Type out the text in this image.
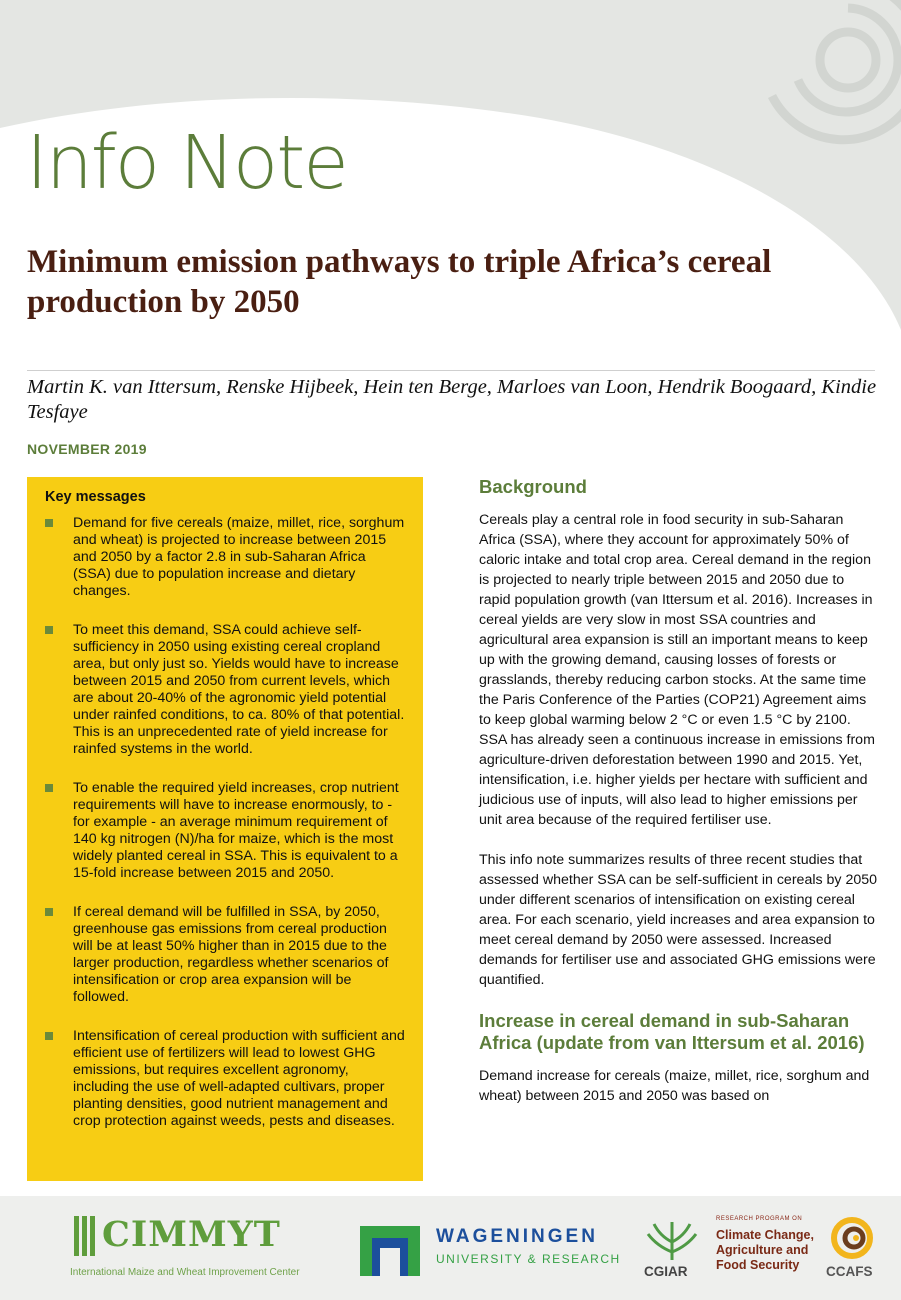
Info Note
Minimum emission pathways to triple Africa’s cereal production by 2050

Martin K. van Ittersum, Renske Hijbeek, Hein ten Berge, Marloes van Loon, Hendrik Boogaard, Kindie Tesfaye

NOVEMBER 2019

Key messages

Demand for five cereals (maize, millet, rice, sorghum and wheat) is projected to increase between 2015 and 2050 by a factor 2.8 in sub-Saharan Africa (SSA) due to population increase and dietary changes.
To meet this demand, SSA could achieve self-sufficiency in 2050 using existing cereal cropland area, but only just so. Yields would have to increase between 2015 and 2050 from current levels, which are about 20-40% of the agronomic yield potential under rainfed conditions, to ca. 80% of that potential. This is an unprecedented rate of yield increase for rainfed systems in the world.
To enable the required yield increases, crop nutrient requirements will have to increase enormously, to - for example - an average minimum requirement of 140 kg nitrogen (N)/ha for maize, which is the most widely planted cereal in SSA. This is equivalent to a 15-fold increase between 2015 and 2050.
If cereal demand will be fulfilled in SSA, by 2050, greenhouse gas emissions from cereal production will be at least 50% higher than in 2015 due to the larger production, regardless whether scenarios of intensification or crop area expansion will be followed.
Intensification of cereal production with sufficient and efficient use of fertilizers will lead to lowest GHG emissions, but requires excellent agronomy, including the use of well-adapted cultivars, proper planting densities, good nutrient management and crop protection against weeds, pests and diseases.
Background

Cereals play a central role in food security in sub-Saharan Africa (SSA), where they account for approximately 50% of caloric intake and total crop area. Cereal demand in the region is projected to nearly triple between 2015 and 2050 due to rapid population growth (van Ittersum et al. 2016). Increases in cereal yields are very slow in most SSA countries and agricultural area expansion is still an important means to keep up with the growing demand, causing losses of forests or grasslands, thereby reducing carbon stocks. At the same time the Paris Conference of the Parties (COP21) Agreement aims to keep global warming below 2 °C or even 1.5 °C by 2100. SSA has already seen a continuous increase in emissions from agriculture-driven deforestation between 1990 and 2015. Yet, intensification, i.e. higher yields per hectare with sufficient and judicious use of inputs, will also lead to higher emissions per unit area because of the required fertiliser use.

This info note summarizes results of three recent studies that assessed whether SSA can be self-sufficient in cereals by 2050 under different scenarios of intensification on existing cereal area. For each scenario, yield increases and area expansion to meet cereal demand by 2050 were assessed. Increased demands for fertiliser use and associated GHG emissions were quantified.

Increase in cereal demand in sub-Saharan Africa (update from van Ittersum et al. 2016)

Demand increase for cereals (maize, millet, rice, sorghum and wheat) between 2015 and 2050 was based on

CIMMYT
International Maize and Wheat Improvement Center
WAGENINGEN
UNIVERSITY & RESEARCH
CGIAR
RESEARCH PROGRAM ON
Climate Change,
Agriculture and
Food Security CCAFS
